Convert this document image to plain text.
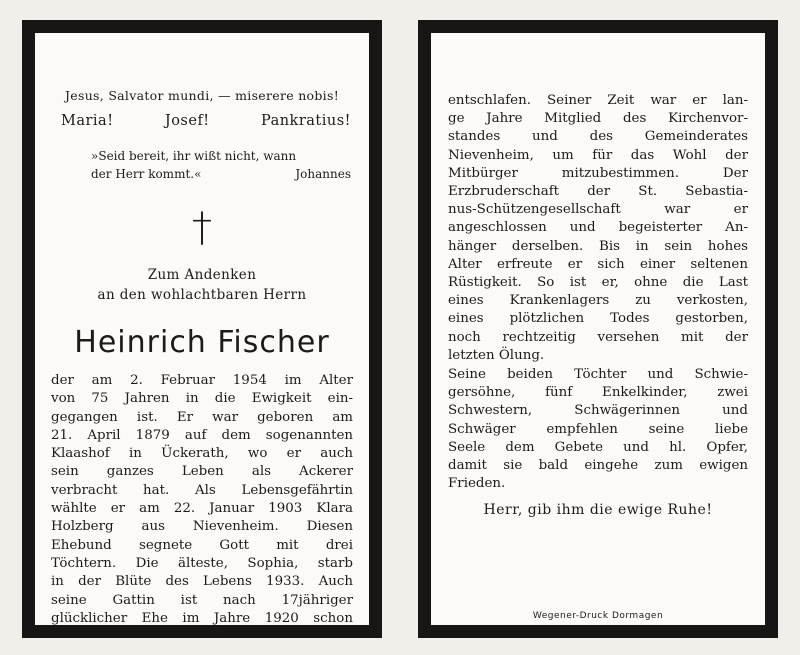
Jesus, Salvator mundi, — miserere nobis!
Maria!	Josef!	Pankratius!
»Seid bereit, ihr wißt nicht, wann
der Herr kommt.«	Johannes
†
Zum Andenken
an den wohlachtbaren Herrn
Heinrich Fischer
der am 2. Februar 1954 im Alter
von 75 Jahren in die Ewigkeit ein-
gegangen ist. Er war geboren am
21. April 1879 auf dem sogenannten
Klaashof in Ückerath, wo er auch
sein ganzes Leben als Ackerer
verbracht hat. Als Lebensgefährtin
wählte er am 22. Januar 1903 Klara
Holzberg aus Nievenheim. Diesen
Ehebund segnete Gott mit drei
Töchtern. Die älteste, Sophia, starb
in der Blüte des Lebens 1933. Auch
seine Gattin ist nach 17jähriger
glücklicher Ehe im Jahre 1920 schon
entschlafen. Seiner Zeit war er lan-
ge Jahre Mitglied des Kirchenvor-
standes und des Gemeinderates
Nievenheim, um für das Wohl der
Mitbürger mitzubestimmen. Der
Erzbruderschaft der St. Sebastia-
nus-Schützengesellschaft war er
angeschlossen und begeisterter An-
hänger derselben. Bis in sein hohes
Alter erfreute er sich einer seltenen
Rüstigkeit. So ist er, ohne die Last
eines Krankenlagers zu verkosten,
eines plötzlichen Todes gestorben,
noch rechtzeitig versehen mit der
letzten Ölung.
Seine beiden Töchter und Schwie-
gersöhne, fünf Enkelkinder, zwei
Schwestern, Schwägerinnen und
Schwäger empfehlen seine liebe
Seele dem Gebete und hl. Opfer,
damit sie bald eingehe zum ewigen
Frieden.
Herr, gib ihm die ewige Ruhe!
Wegener-Druck Dormagen
